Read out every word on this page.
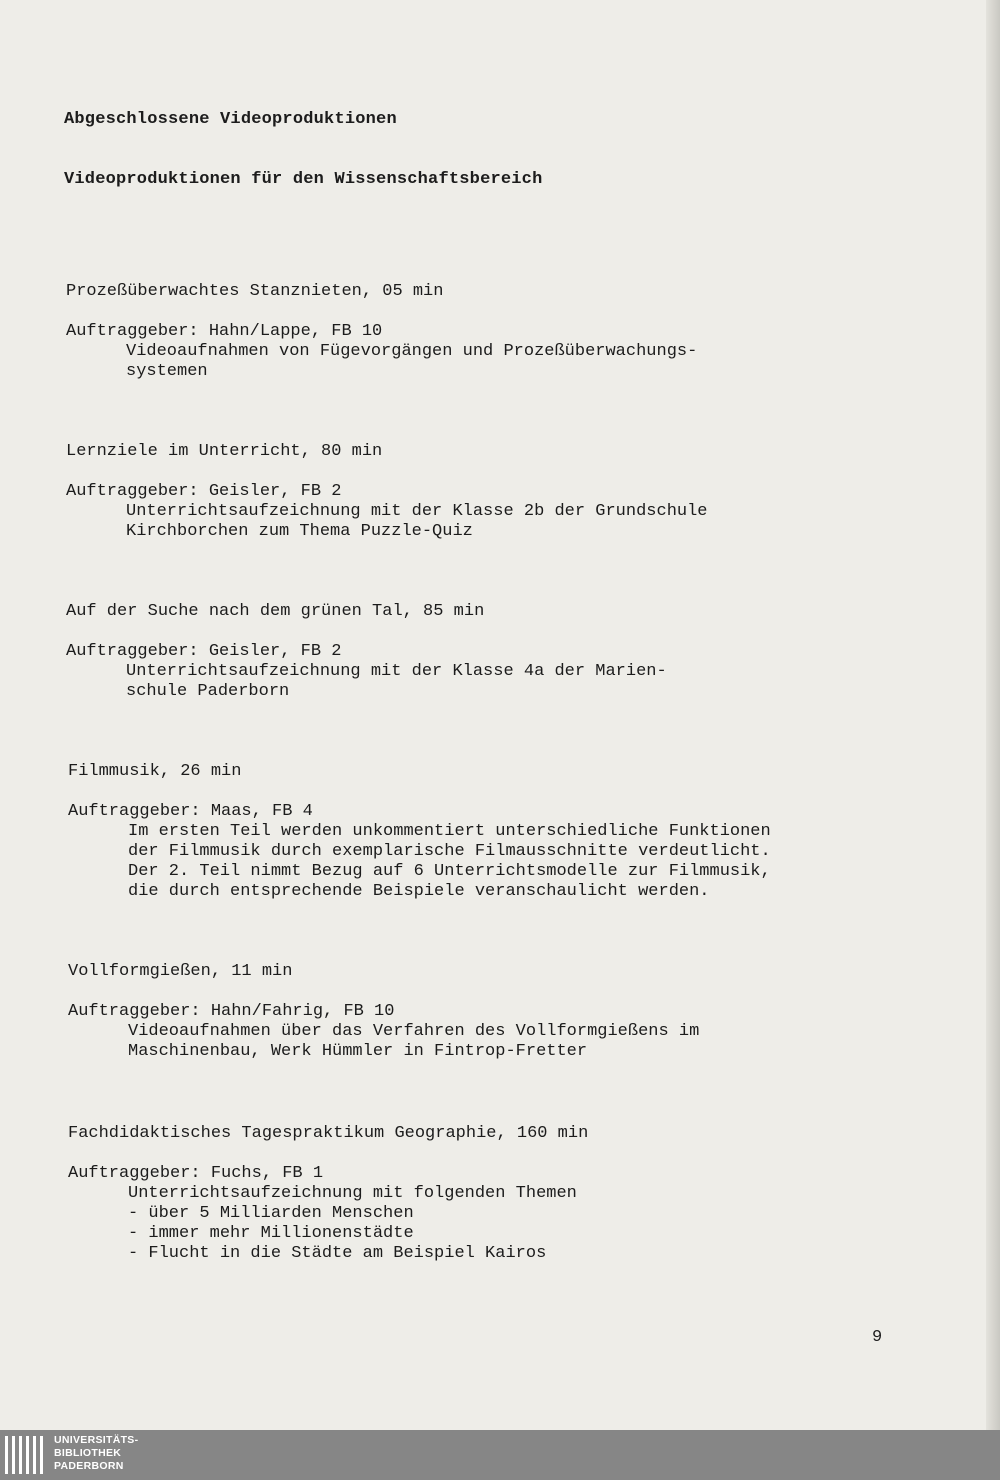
Abgeschlossene Videoproduktionen
Videoproduktionen für den Wissenschaftsbereich
Prozeßüberwachtes Stanznieten, 05 min
Auftraggeber: Hahn/Lappe, FB 10
Videoaufnahmen von Fügevorgängen und Prozeßüberwachungs-
systemen
Lernziele im Unterricht, 80 min
Auftraggeber: Geisler, FB 2
Unterrichtsaufzeichnung mit der Klasse 2b der Grundschule
Kirchborchen zum Thema Puzzle-Quiz
Auf der Suche nach dem grünen Tal, 85 min
Auftraggeber: Geisler, FB 2
Unterrichtsaufzeichnung mit der Klasse 4a der Marien-
schule Paderborn
Filmmusik, 26 min
Auftraggeber: Maas, FB 4
Im ersten Teil werden unkommentiert unterschiedliche Funktionen
der Filmmusik durch exemplarische Filmausschnitte verdeutlicht.
Der 2. Teil nimmt Bezug auf 6 Unterrichtsmodelle zur Filmmusik,
die durch entsprechende Beispiele veranschaulicht werden.
Vollformgießen, 11 min
Auftraggeber: Hahn/Fahrig, FB 10
Videoaufnahmen über das Verfahren des Vollformgießens im
Maschinenbau, Werk Hümmler in Fintrop-Fretter
Fachdidaktisches Tagespraktikum Geographie, 160 min
Auftraggeber: Fuchs, FB 1
Unterrichtsaufzeichnung mit folgenden Themen
- über 5 Milliarden Menschen
- immer mehr Millionenstädte
- Flucht in die Städte am Beispiel Kairos
9
UNIVERSITÄTS-
BIBLIOTHEK
PADERBORN
